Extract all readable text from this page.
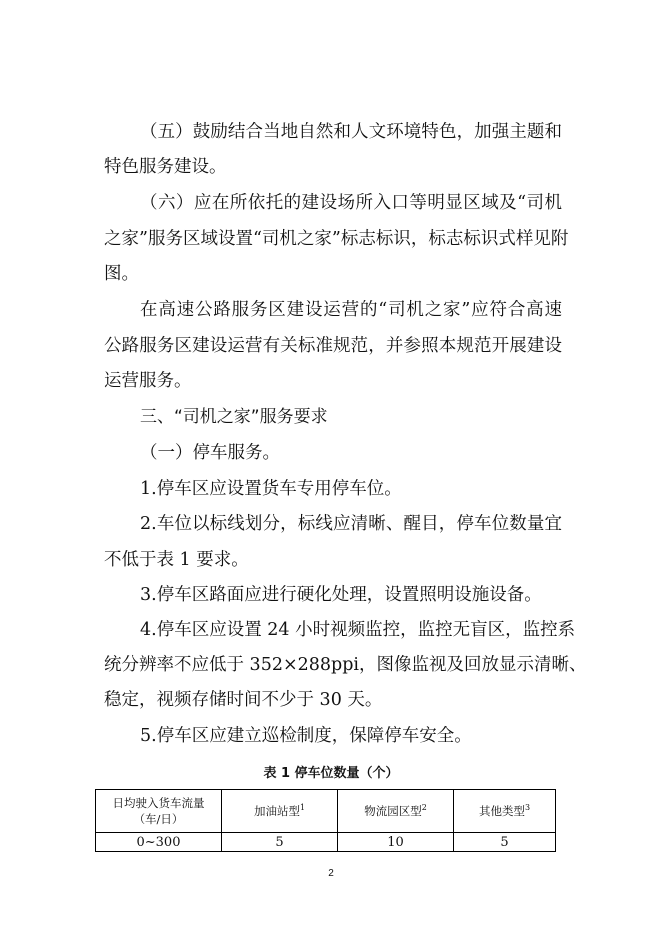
（五）鼓励结合当地自然和人文环境特色，加强主题和
特色服务建设。
（六）应在所依托的建设场所入口等明显区域及“司机
之家”服务区域设置“司机之家”标志标识，标志标识式样见附
图。
在高速公路服务区建设运营的“司机之家”应符合高速
公路服务区建设运营有关标准规范，并参照本规范开展建设
运营服务。
三、“司机之家”服务要求
（一）停车服务。
1.停车区应设置货车专用停车位。
2.车位以标线划分，标线应清晰、醒目，停车位数量宜
不低于表 1 要求。
3.停车区路面应进行硬化处理，设置照明设施设备。
4.停车区应设置 24 小时视频监控，监控无盲区，监控系
统分辨率不应低于 352×288ppi，图像监视及回放显示清晰、
稳定，视频存储时间不少于 30 天。
5.停车区应建立巡检制度，保障停车安全。
表 1 停车位数量（个）
日均驶入货车流量
（车/日）	加油站型$^1$	物流园区型$^2$	其他类型$^3$
0~300	5	10	5
2
